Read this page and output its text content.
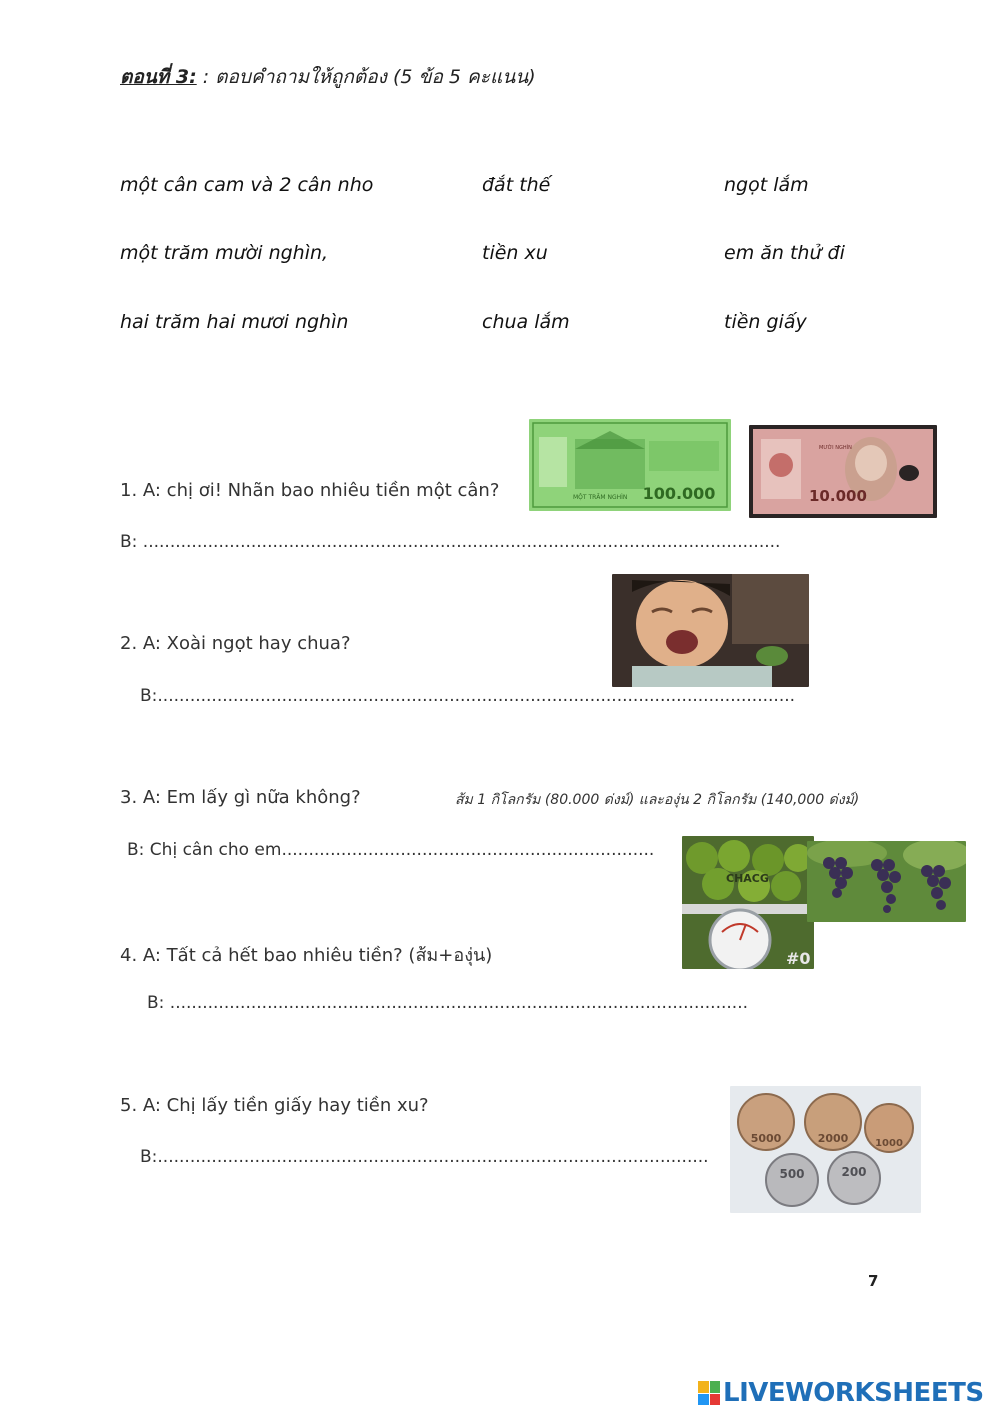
ตอนที่ 3: : ตอบคำถามให้ถูกต้อง (5 ข้อ 5 คะแนน)
một cân cam và 2 cân nho	đắt thế	ngọt lắm
một trăm mười nghìn,	tiền xu	em ăn thử đi
hai trăm hai mươi nghìn	chua lắm	tiền giấy
100.000
MỘT TRĂM NGHÌN	10.000
MƯỜI NGHÌN
1. A: chị ơi! Nhãn bao nhiêu tiền một cân?
B: ......................................................................................................................
2. A: Xoài ngọt hay chua?
B:......................................................................................................................
3. A: Em lấy gì nữa không?	ส้ม 1 กิโลกรัม (80.000 ด่งม์) และองุ่น 2 กิโลกรัม (140,000 ด่งม์)
B: Chị cân cho em.....................................................................
CHACG
#0
4. A: Tất cả hết bao nhiêu tiền? (ส้ม+องุ่น)
B: ...........................................................................................................
5000	2000	1000
500	200
5. A: Chị lấy tiền giấy hay tiền xu?
B:......................................................................................................
7
LIVEWORKSHEETS
